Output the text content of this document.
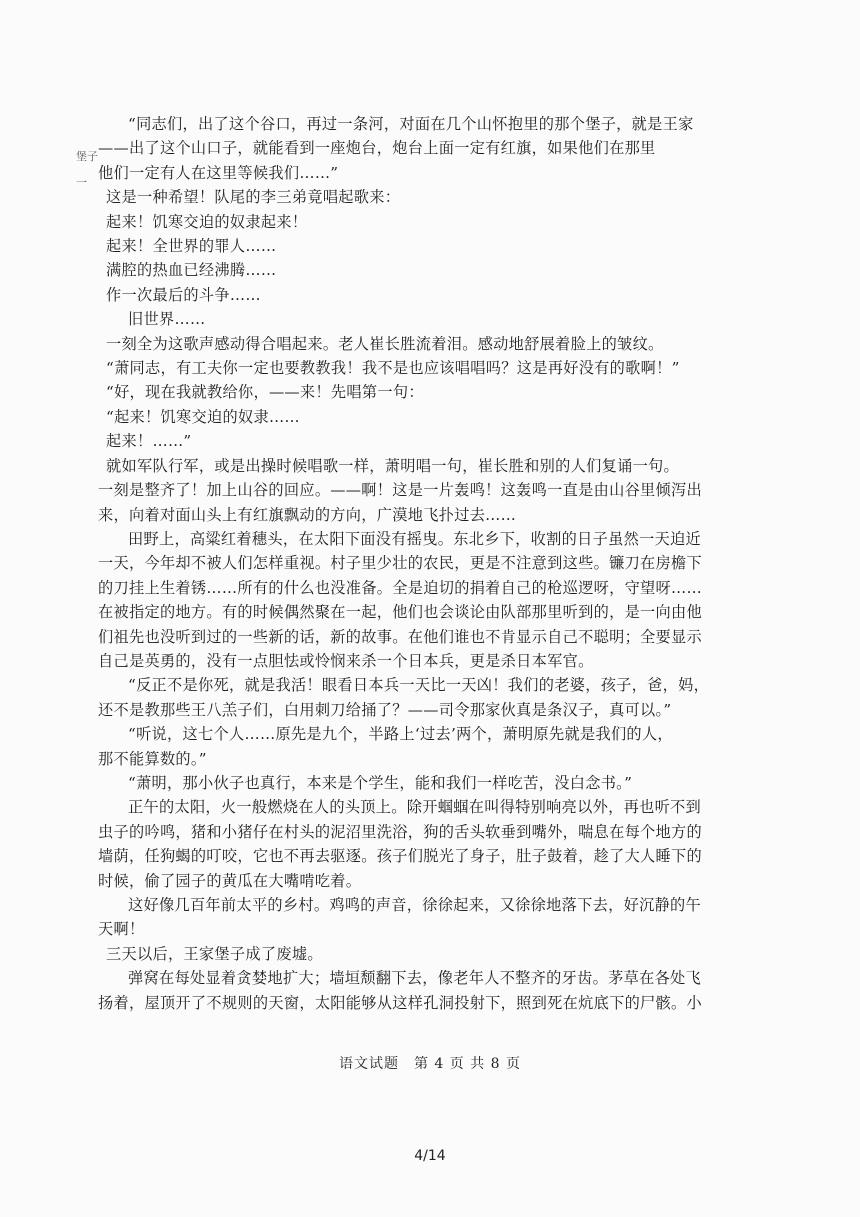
堡子
一
“同志们，出了这个谷口，再过一条河，对面在几个山怀抱里的那个堡子，就是王家
——出了这个山口子，就能看到一座炮台，炮台上面一定有红旗，如果他们在那里
他们一定有人在这里等候我们……”
这是一种希望！队尾的李三弟竟唱起歌来：
起来！饥寒交迫的奴隶起来！
起来！全世界的罪人……
满腔的热血已经沸腾……
作一次最后的斗争……
旧世界……
一刻全为这歌声感动得合唱起来。老人崔长胜流着泪。感动地舒展着脸上的皱纹。
“萧同志，有工夫你一定也要教教我！我不是也应该唱唱吗？这是再好没有的歌啊！”
“好，现在我就教给你，——来！先唱第一句：
“起来！饥寒交迫的奴隶……
起来！……”
就如军队行军，或是出操时候唱歌一样，萧明唱一句，崔长胜和别的人们复诵一句。
一刻是整齐了！加上山谷的回应。——啊！这是一片轰鸣！这轰鸣一直是由山谷里倾泻出
来，向着对面山头上有红旗飘动的方向，广漠地飞扑过去……
田野上，高粱红着穗头，在太阳下面没有摇曳。东北乡下，收割的日子虽然一天迫近
一天，今年却不被人们怎样重视。村子里少壮的农民，更是不注意到这些。镰刀在房檐下
的刀挂上生着锈……所有的什么也没准备。全是迫切的捐着自己的枪巡逻呀，守望呀……
在被指定的地方。有的时候偶然聚在一起，他们也会谈论由队部那里听到的，是一向由他
们祖先也没听到过的一些新的话，新的故事。在他们谁也不肯显示自己不聪明；全要显示
自己是英勇的，没有一点胆怯或怜悯来杀一个日本兵，更是杀日本军官。
“反正不是你死，就是我活！眼看日本兵一天比一天凶！我们的老婆，孩子，爸，妈，
还不是教那些王八羔子们，白用刺刀给捅了？——司令那家伙真是条汉子，真可以。”
“听说，这七个人……原先是九个，半路上‘过去’两个，萧明原先就是我们的人，
那不能算数的。”
“萧明，那小伙子也真行，本来是个学生，能和我们一样吃苦，没白念书。”
正午的太阳，火一般燃烧在人的头顶上。除开蝈蝈在叫得特别响亮以外，再也听不到
虫子的吟鸣，猪和小猪仔在村头的泥沼里洗浴，狗的舌头软垂到嘴外，喘息在每个地方的
墙荫，任狗蝎的叮咬，它也不再去驱逐。孩子们脱光了身子，肚子鼓着，趁了大人睡下的
时候，偷了园子的黄瓜在大嘴啃吃着。
这好像几百年前太平的乡村。鸡鸣的声音，徐徐起来，又徐徐地落下去，好沉静的午
天啊！
三天以后，王家堡子成了废墟。
弹窝在每处显着贪婪地扩大；墙垣颓翻下去，像老年人不整齐的牙齿。茅草在各处飞
扬着，屋顶开了不规则的天窗，太阳能够从这样孔洞投射下，照到死在炕底下的尸骸。小
语文试题　第 4 页 共 8 页
4/14
